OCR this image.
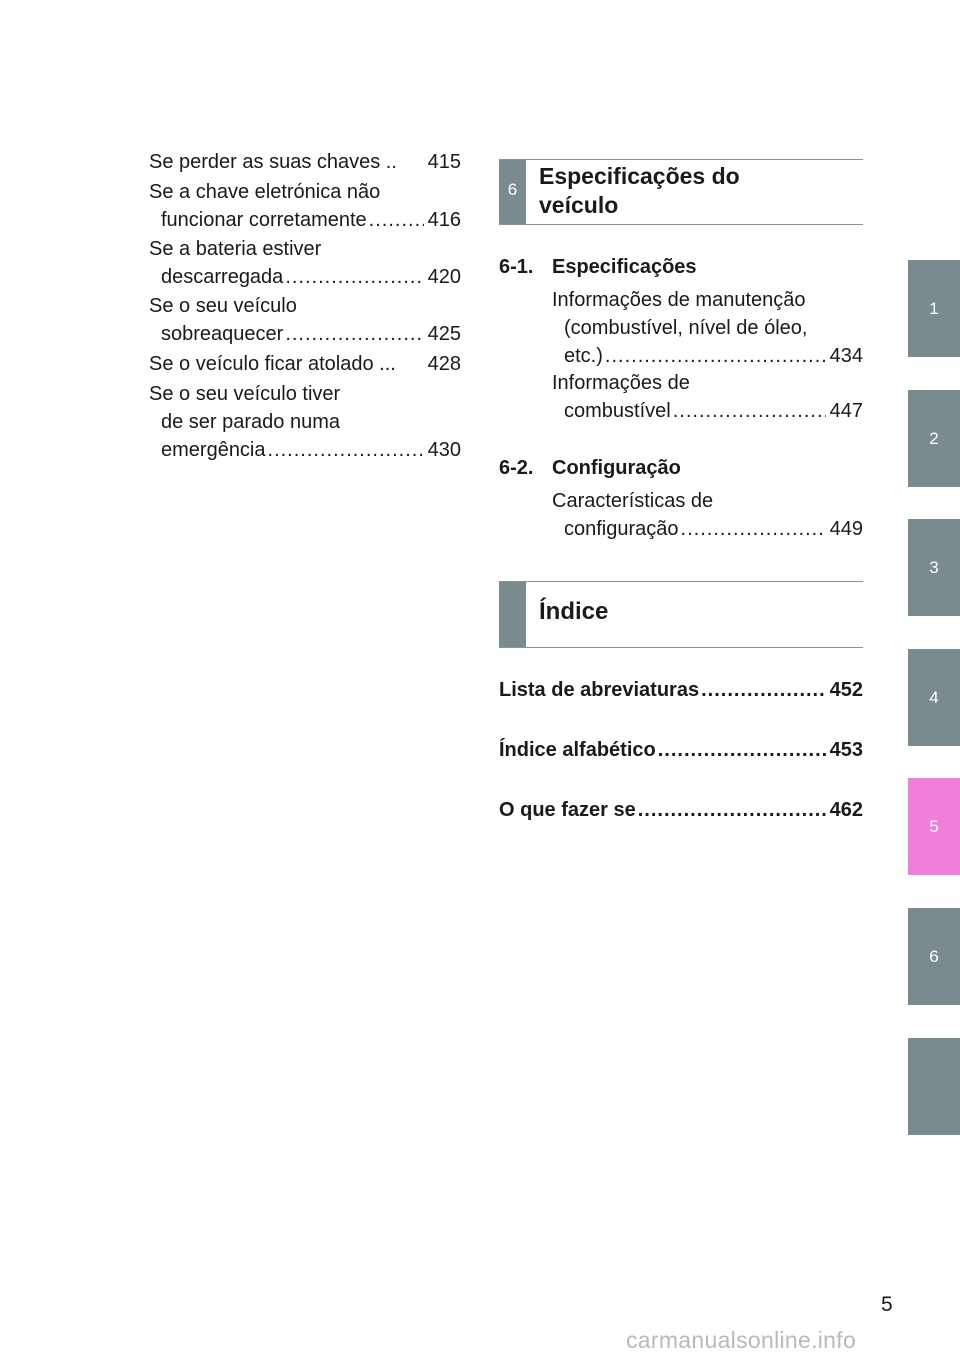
Se perder as suas chaves .. 415
Se a chave eletrónica não
funcionar corretamente .....	416
Se a bateria estiver
descarregada .....	420
Se o seu veículo
sobreaquecer .....	425
Se o veículo ficar atolado ... 428
Se o seu veículo tiver
de ser parado numa
emergência .....	430
6
Especificações do
veículo
6-1. Especificações
Informações de manutenção
(combustível, nível de óleo,
etc.) .....	434
Informações de
combustível .....	447
6-2. Configuração
Características de
configuração .....	449
Índice
Lista de abreviaturas .....	452
Índice alfabético .....	453
O que fazer se .....	462
1
2
3
4
5
6
5
carmanualsonline.info
